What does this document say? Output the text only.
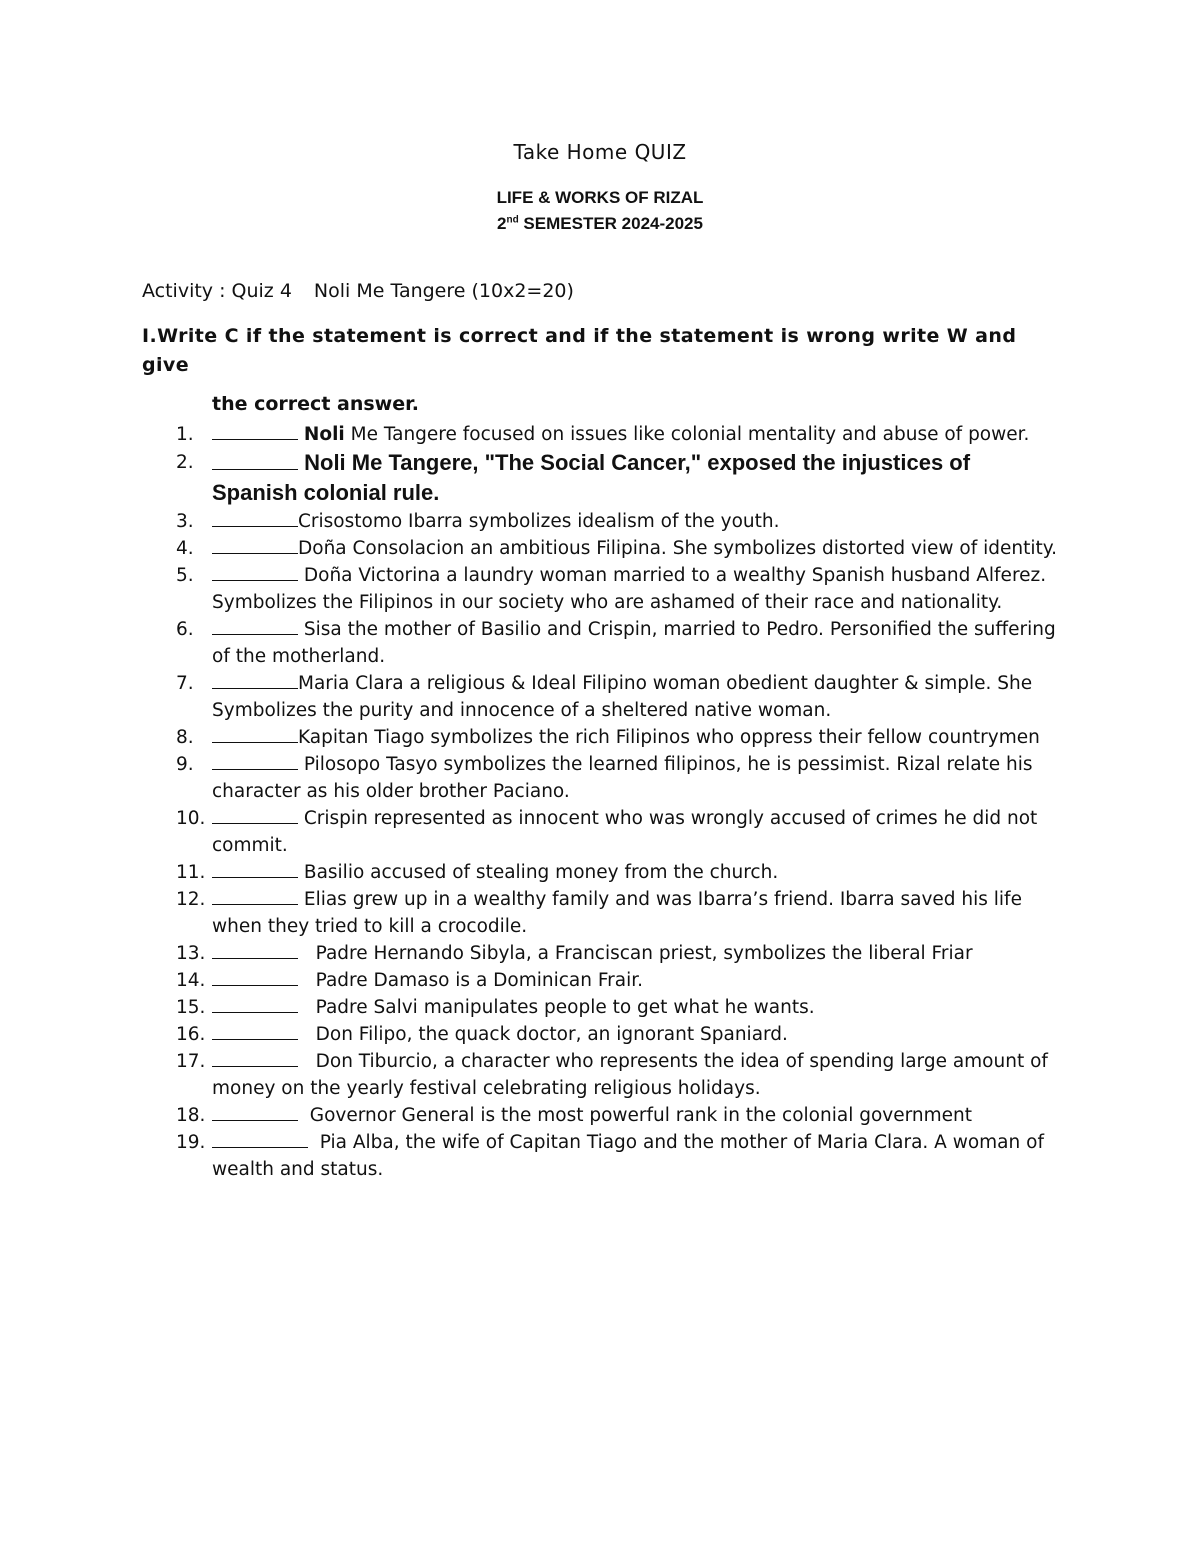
Take Home QUIZ
LIFE & WORKS OF RIZAL
2nd SEMESTER 2024-2025
Activity : Quiz 4 Noli Me Tangere (10x2=20)
I.Write C if the statement is correct and if the statement is wrong write W and give
the correct answer.
1.	Noli Me Tangere focused on issues like colonial mentality and abuse of power.
2.	Noli Me Tangere, "The Social Cancer," exposed the injustices of Spanish colonial rule.
3.	Crisostomo Ibarra symbolizes idealism of the youth.
4.	Doña Consolacion an ambitious Filipina. She symbolizes distorted view of identity.
5.	Doña Victorina a laundry woman married to a wealthy Spanish husband Alferez. Symbolizes the Filipinos in our society who are ashamed of their race and nationality.
6.	Sisa the mother of Basilio and Crispin, married to Pedro. Personified the suffering of the motherland.
7.	Maria Clara a religious & Ideal Filipino woman obedient daughter & simple. She Symbolizes the purity and innocence of a sheltered native woman.
8.	Kapitan Tiago symbolizes the rich Filipinos who oppress their fellow countrymen
9.	Pilosopo Tasyo symbolizes the learned filipinos, he is pessimist. Rizal relate his character as his older brother Paciano.
10.	Crispin represented as innocent who was wrongly accused of crimes he did not commit.
11.	Basilio accused of stealing money from the church.
12.	Elias grew up in a wealthy family and was Ibarra’s friend. Ibarra saved his life when they tried to kill a crocodile.
13.	Padre Hernando Sibyla, a Franciscan priest, symbolizes the liberal Friar
14.	Padre Damaso is a Dominican Frair.
15.	Padre Salvi manipulates people to get what he wants.
16.	Don Filipo, the quack doctor, an ignorant Spaniard.
17.	Don Tiburcio, a character who represents the idea of spending large amount of money on the yearly festival celebrating religious holidays.
18.	Governor General is the most powerful rank in the colonial government
19.	Pia Alba, the wife of Capitan Tiago and the mother of Maria Clara. A woman of wealth and status.
